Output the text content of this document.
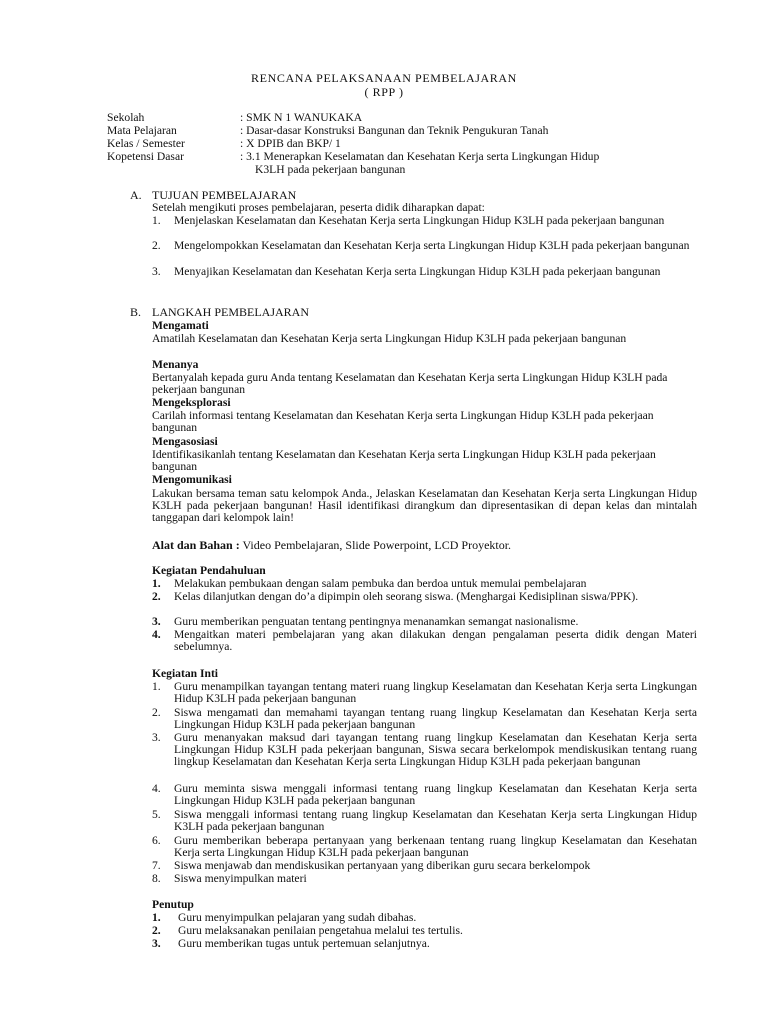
RENCANA PELAKSANAAN PEMBELAJARAN
( RPP )
Sekolah	: SMK N 1 WANUKAKA
Mata Pelajaran	: Dasar-dasar Konstruksi Bangunan dan Teknik Pengukuran Tanah
Kelas / Semester	: X DPIB dan BKP/ 1
Kopetensi Dasar	: 3.1 Menerapkan Keselamatan dan Kesehatan Kerja serta Lingkungan Hidup
K3LH pada pekerjaan bangunan
A. TUJUAN PEMBELAJARAN
Setelah mengikuti proses pembelajaran, peserta didik diharapkan dapat:
1. Menjelaskan Keselamatan dan Kesehatan Kerja serta Lingkungan Hidup K3LH pada pekerjaan bangunan
2. Mengelompokkan Keselamatan dan Kesehatan Kerja serta Lingkungan Hidup K3LH pada pekerjaan bangunan
3. Menyajikan Keselamatan dan Kesehatan Kerja serta Lingkungan Hidup K3LH pada pekerjaan bangunan
B. LANGKAH PEMBELAJARAN
Mengamati
Amatilah Keselamatan dan Kesehatan Kerja serta Lingkungan Hidup K3LH pada pekerjaan bangunan
Menanya
Bertanyalah kepada guru Anda tentang Keselamatan dan Kesehatan Kerja serta Lingkungan Hidup K3LH pada pekerjaan bangunan
Mengeksplorasi
Carilah informasi tentang Keselamatan dan Kesehatan Kerja serta Lingkungan Hidup K3LH pada pekerjaan bangunan
Mengasosiasi
Identifikasikanlah tentang Keselamatan dan Kesehatan Kerja serta Lingkungan Hidup K3LH pada pekerjaan bangunan
Mengomunikasi
Lakukan bersama teman satu kelompok Anda., Jelaskan Keselamatan dan Kesehatan Kerja serta Lingkungan Hidup K3LH pada pekerjaan bangunan! Hasil identifikasi dirangkum dan dipresentasikan di depan kelas dan mintalah tanggapan dari kelompok lain!
Alat dan Bahan : Video Pembelajaran, Slide Powerpoint, LCD Proyektor.
Kegiatan Pendahuluan
1. Melakukan pembukaan dengan salam pembuka dan berdoa untuk memulai pembelajaran
2. Kelas dilanjutkan dengan do’a dipimpin oleh seorang siswa. (Menghargai Kedisiplinan siswa/PPK).
3. Guru memberikan penguatan tentang pentingnya menanamkan semangat nasionalisme.
4. Mengaitkan materi pembelajaran yang akan dilakukan dengan pengalaman peserta didik dengan Materi sebelumnya.
Kegiatan Inti
1. Guru menampilkan tayangan tentang materi ruang lingkup Keselamatan dan Kesehatan Kerja serta Lingkungan Hidup K3LH pada pekerjaan bangunan
2. Siswa mengamati dan memahami tayangan tentang ruang lingkup Keselamatan dan Kesehatan Kerja serta Lingkungan Hidup K3LH pada pekerjaan bangunan
3. Guru menanyakan maksud dari tayangan tentang ruang lingkup Keselamatan dan Kesehatan Kerja serta Lingkungan Hidup K3LH pada pekerjaan bangunan, Siswa secara berkelompok mendiskusikan tentang ruang lingkup Keselamatan dan Kesehatan Kerja serta Lingkungan Hidup K3LH pada pekerjaan bangunan
4. Guru meminta siswa menggali informasi tentang ruang lingkup Keselamatan dan Kesehatan Kerja serta Lingkungan Hidup K3LH pada pekerjaan bangunan
5. Siswa menggali informasi tentang ruang lingkup Keselamatan dan Kesehatan Kerja serta Lingkungan Hidup K3LH pada pekerjaan bangunan
6. Guru memberikan beberapa pertanyaan yang berkenaan tentang ruang lingkup Keselamatan dan Kesehatan Kerja serta Lingkungan Hidup K3LH pada pekerjaan bangunan
7. Siswa menjawab dan mendiskusikan pertanyaan yang diberikan guru secara berkelompok
8. Siswa menyimpulkan materi
Penutup
1. Guru menyimpulkan pelajaran yang sudah dibahas.
2. Guru melaksanakan penilaian pengetahua melalui tes tertulis.
3. Guru memberikan tugas untuk pertemuan selanjutnya.
